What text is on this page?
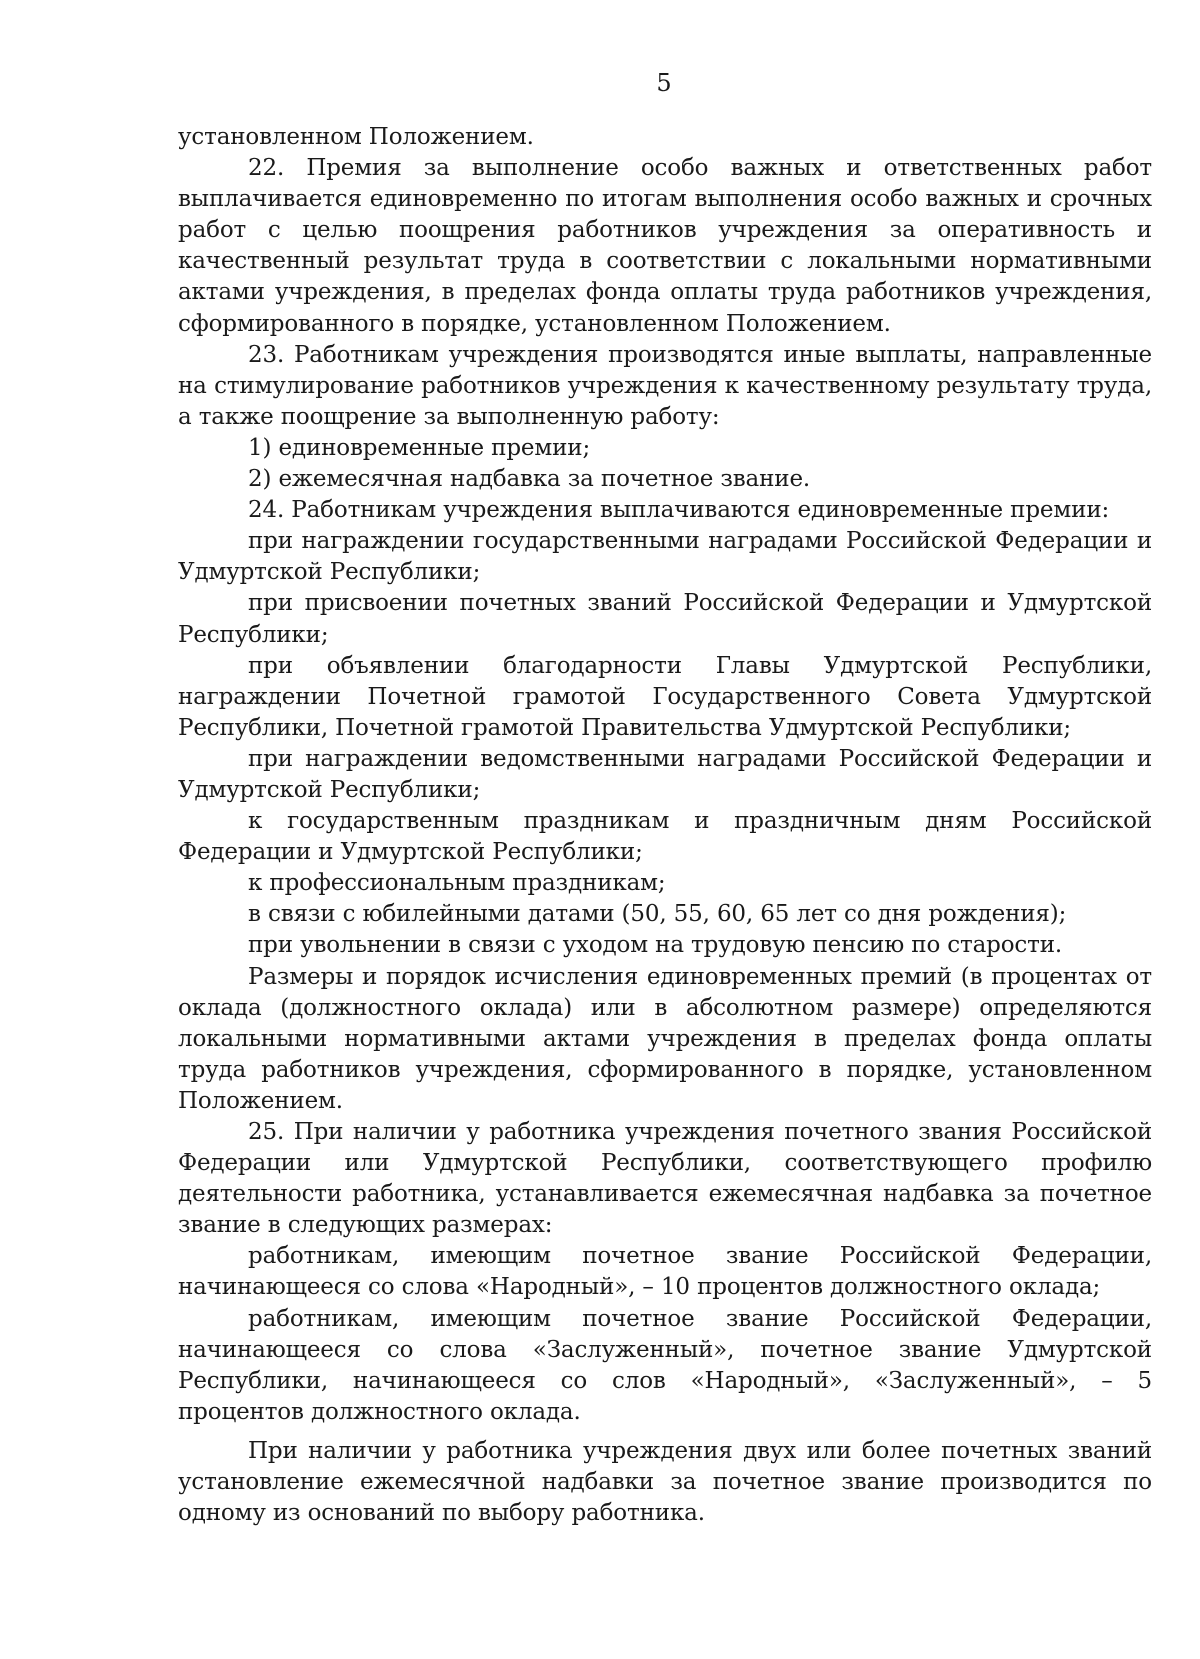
5

установленном Положением.

22. Премия за выполнение особо важных и ответственных работ выплачивается единовременно по итогам выполнения особо важных и срочных работ с целью поощрения работников учреждения за оперативность и качественный результат труда в соответствии с локальными нормативными актами учреждения, в пределах фонда оплаты труда работников учреждения, сформированного в порядке, установленном Положением.

23. Работникам учреждения производятся иные выплаты, направленные на стимулирование работников учреждения к качественному результату труда, а также поощрение за выполненную работу:

1) единовременные премии;

2) ежемесячная надбавка за почетное звание.

24. Работникам учреждения выплачиваются единовременные премии:

при награждении государственными наградами Российской Федерации и Удмуртской Республики;

при присвоении почетных званий Российской Федерации и Удмуртской Республики;

при объявлении благодарности Главы Удмуртской Республики, награждении Почетной грамотой Государственного Совета Удмуртской Республики, Почетной грамотой Правительства Удмуртской Республики;

при награждении ведомственными наградами Российской Федерации и Удмуртской Республики;

к государственным праздникам и праздничным дням Российской Федерации и Удмуртской Республики;

к профессиональным праздникам;

в связи с юбилейными датами (50, 55, 60, 65 лет со дня рождения);

при увольнении в связи с уходом на трудовую пенсию по старости.

Размеры и порядок исчисления единовременных премий (в процентах от оклада (должностного оклада) или в абсолютном размере) определяются локальными нормативными актами учреждения в пределах фонда оплаты труда работников учреждения, сформированного в порядке, установленном Положением.

25. При наличии у работника учреждения почетного звания Российской Федерации или Удмуртской Республики, соответствующего профилю деятельности работника, устанавливается ежемесячная надбавка за почетное звание в следующих размерах:

работникам, имеющим почетное звание Российской Федерации, начинающееся со слова «Народный», – 10 процентов должностного оклада;

работникам, имеющим почетное звание Российской Федерации, начинающееся со слова «Заслуженный», почетное звание Удмуртской Республики, начинающееся со слов «Народный», «Заслуженный», – 5 процентов должностного оклада.

При наличии у работника учреждения двух или более почетных званий установление ежемесячной надбавки за почетное звание производится по одному из оснований по выбору работника.
